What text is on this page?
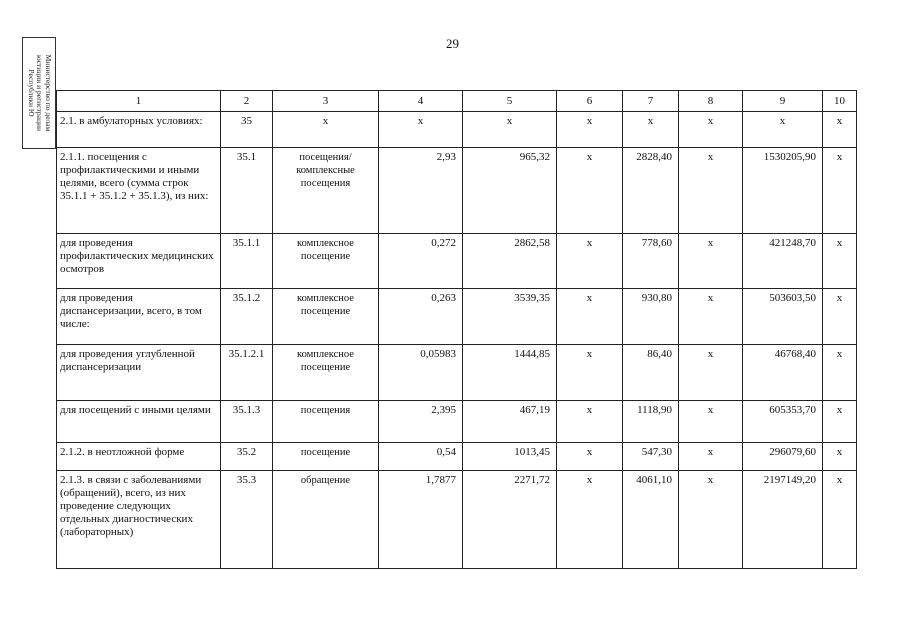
29
Министерство по делам
юстиции и регистрации
Республики Ю	1	2	3	4	5	6	7	8	9	10
2.1. в амбулаторных условиях:	35	х	х	х	х	х	х	х	х
2.1.1. посещения с профилактическими и иными целями, всего (сумма строк 35.1.1 + 35.1.2 + 35.1.3), из них:	35.1	посещения/ комплексные посещения	2,93	965,32	х	2828,40	х	1530205,90	х
для проведения профилактических медицинских осмотров	35.1.1	комплексное посещение	0,272	2862,58	х	778,60	х	421248,70	х
для проведения диспансеризации, всего, в том числе:	35.1.2	комплексное посещение	0,263	3539,35	х	930,80	х	503603,50	х
для проведения углубленной диспансеризации	35.1.2.1	комплексное посещение	0,05983	1444,85	х	86,40	х	46768,40	х
для посещений с иными целями	35.1.3	посещения	2,395	467,19	х	1118,90	х	605353,70	х
2.1.2. в неотложной форме	35.2	посещение	0,54	1013,45	х	547,30	х	296079,60	х
2.1.3. в связи с заболеваниями (обращений), всего, из них проведение следующих отдельных диагностических (лабораторных)	35.3	обращение	1,7877	2271,72	х	4061,10	х	2197149,20	х
